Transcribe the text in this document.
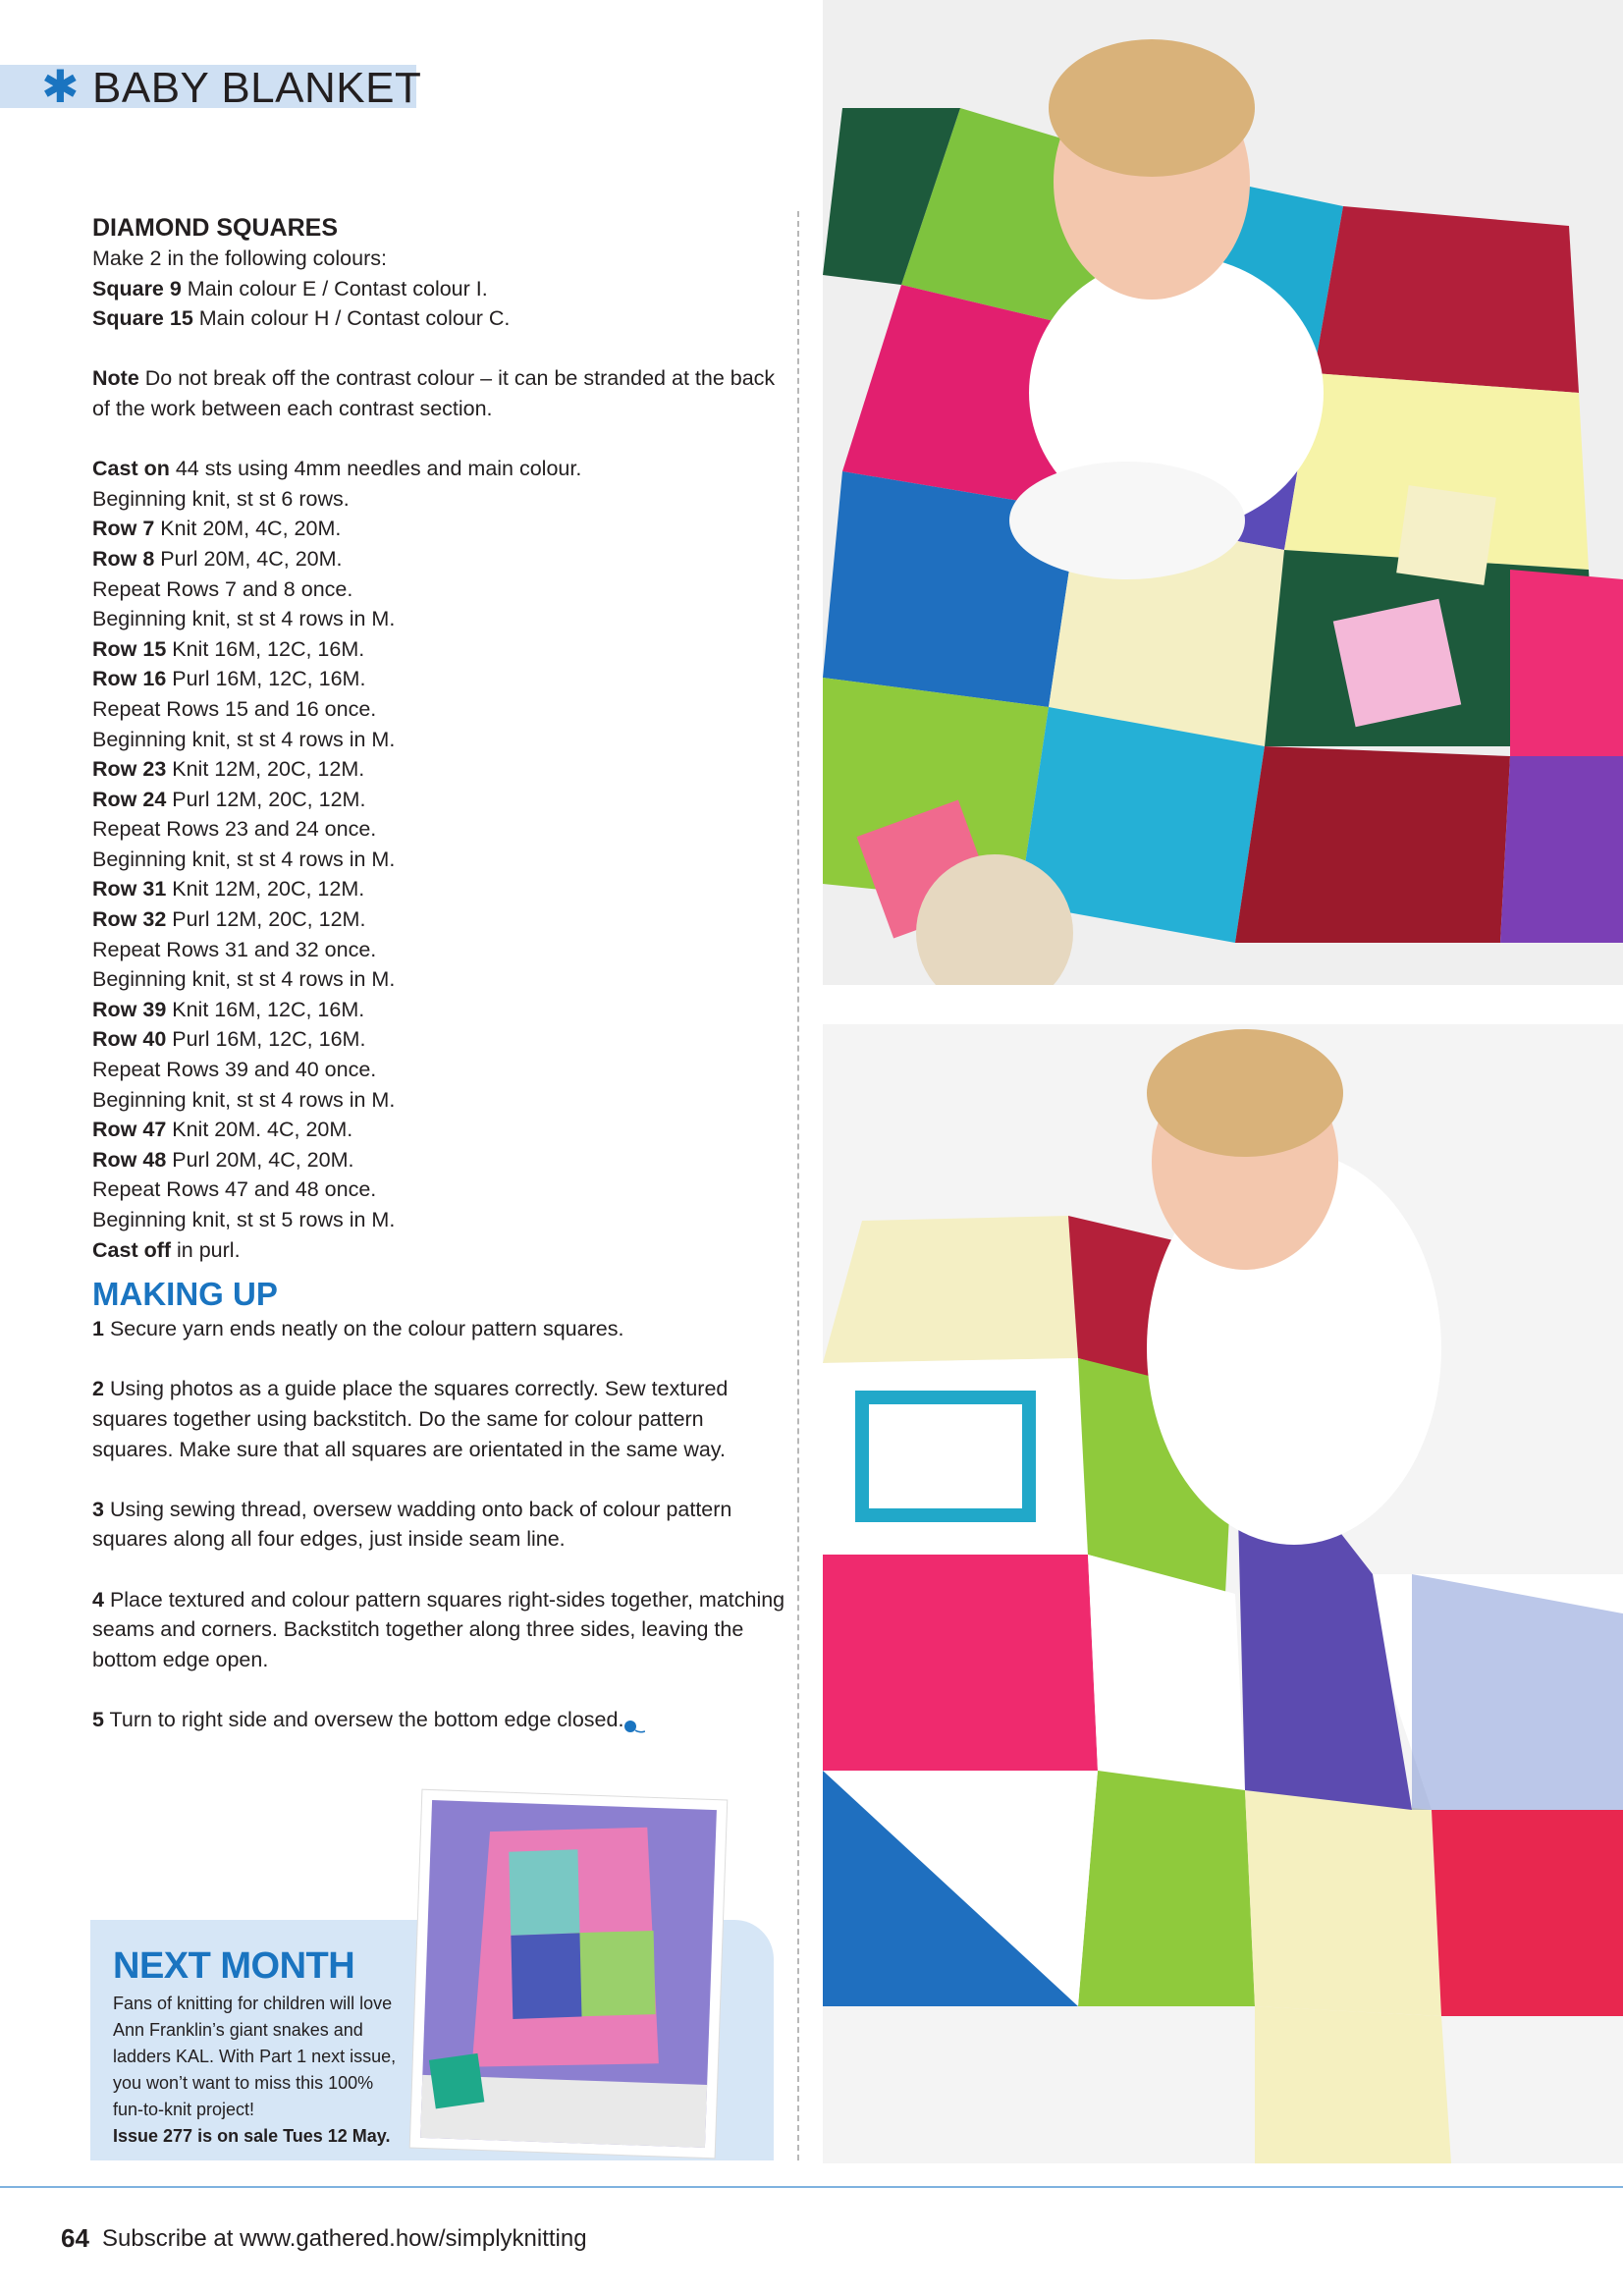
✱ BABY BLANKET

DIAMOND SQUARES

Make 2 in the following colours:

Square 9 Main colour E / Contast colour I.

Square 15 Main colour H / Contast colour C.

Note Do not break off the contrast colour – it can be stranded at the back of the work between each contrast section.

Cast on 44 sts using 4mm needles and main colour.

Beginning knit, st st 6 rows.

Row 7 Knit 20M, 4C, 20M.

Row 8 Purl 20M, 4C, 20M.

Repeat Rows 7 and 8 once.

Beginning knit, st st 4 rows in M.

Row 15 Knit 16M, 12C, 16M.

Row 16 Purl 16M, 12C, 16M.

Repeat Rows 15 and 16 once.

Beginning knit, st st 4 rows in M.

Row 23 Knit 12M, 20C, 12M.

Row 24 Purl 12M, 20C, 12M.

Repeat Rows 23 and 24 once.

Beginning knit, st st 4 rows in M.

Row 31 Knit 12M, 20C, 12M.

Row 32 Purl 12M, 20C, 12M.

Repeat Rows 31 and 32 once.

Beginning knit, st st 4 rows in M.

Row 39 Knit 16M, 12C, 16M.

Row 40 Purl 16M, 12C, 16M.

Repeat Rows 39 and 40 once.

Beginning knit, st st 4 rows in M.

Row 47 Knit 20M. 4C, 20M.

Row 48 Purl 20M, 4C, 20M.

Repeat Rows 47 and 48 once.

Beginning knit, st st 5 rows in M.

Cast off in purl.

MAKING UP

1 Secure yarn ends neatly on the colour pattern squares.

2 Using photos as a guide place the squares correctly. Sew textured squares together using backstitch. Do the same for colour pattern squares. Make sure that all squares are orientated in the same way.

3 Using sewing thread, oversew wadding onto back of colour pattern squares along all four edges, just inside seam line.

4 Place textured and colour pattern squares right-sides together, matching seams and corners. Backstitch together along three sides, leaving the bottom edge open.

5 Turn to right side and oversew the bottom edge closed.

NEXT MONTH

Fans of knitting for children will love Ann Franklin’s giant snakes and ladders KAL. With Part 1 next issue, you won’t want to miss this 100% fun-to-knit project!

Issue 277 is on sale Tues 12 May.

64 Subscribe at www.gathered.how/simplyknitting
